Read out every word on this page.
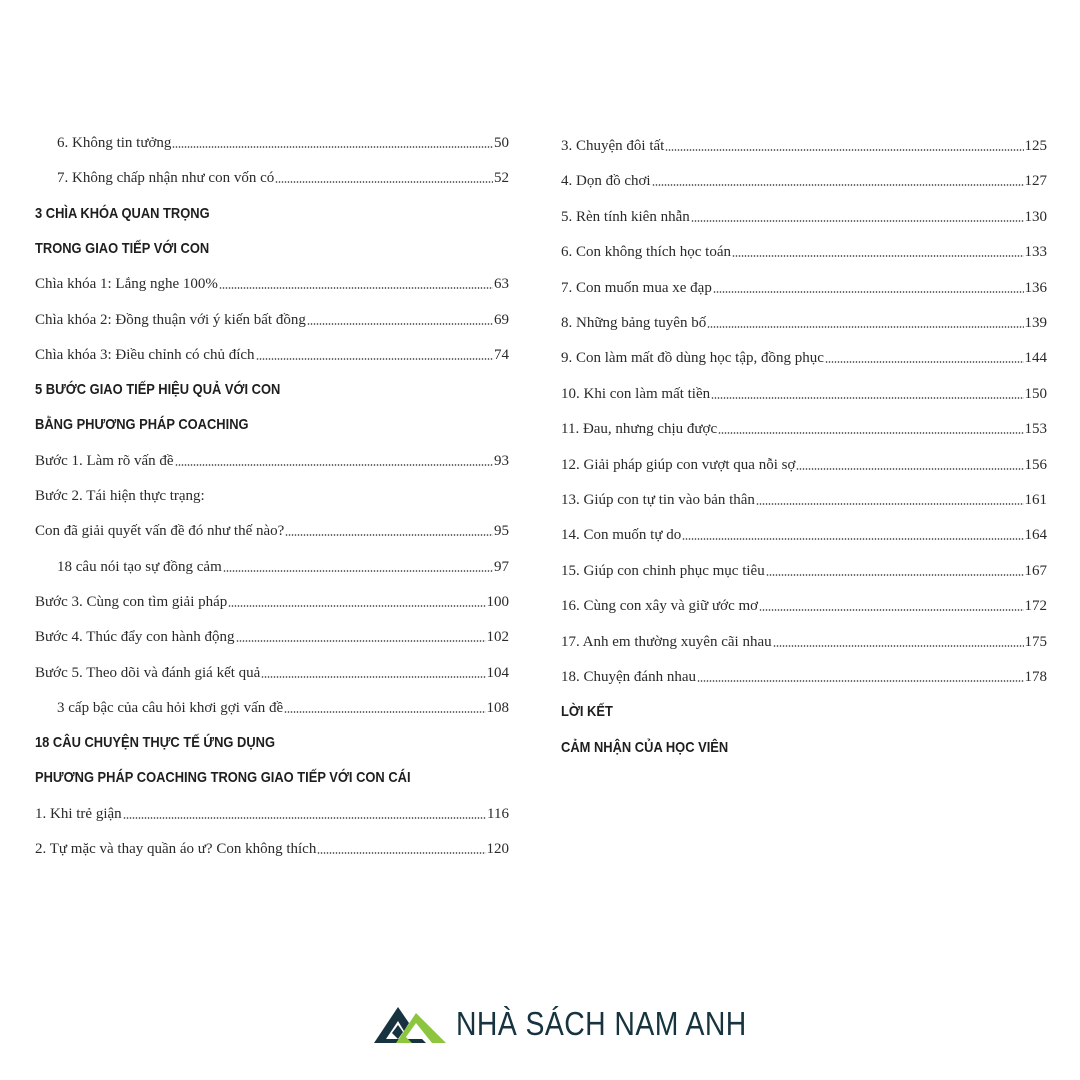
6. Không tin tưởng	50
7. Không chấp nhận như con vốn có	52
3 CHÌA KHÓA QUAN TRỌNG
TRONG GIAO TIẾP VỚI CON
Chìa khóa 1: Lắng nghe 100%	63
Chìa khóa 2: Đồng thuận với ý kiến bất đồng	69
Chìa khóa 3: Điều chỉnh có chủ đích	74
5 BƯỚC GIAO TIẾP HIỆU QUẢ VỚI CON
BẰNG PHƯƠNG PHÁP COACHING
Bước 1. Làm rõ vấn đề	93
Bước 2. Tái hiện thực trạng:
Con đã giải quyết vấn đề đó như thế nào?	95
18 câu nói tạo sự đồng cảm	97
Bước 3. Cùng con tìm giải pháp	100
Bước 4. Thúc đẩy con hành động	102
Bước 5. Theo dõi và đánh giá kết quả	104
3 cấp bậc của câu hỏi khơi gợi vấn đề	108
18 CÂU CHUYỆN THỰC TẾ ỨNG DỤNG
PHƯƠNG PHÁP COACHING TRONG GIAO TIẾP VỚI CON CÁI
1. Khi trẻ giận	116
2. Tự mặc và thay quần áo ư? Con không thích	120
3. Chuyện đôi tất	125
4. Dọn đồ chơi	127
5. Rèn tính kiên nhẫn	130
6. Con không thích học toán	133
7. Con muốn mua xe đạp	136
8. Những bảng tuyên bố	139
9. Con làm mất đồ dùng học tập, đồng phục	144
10. Khi con làm mất tiền	150
11. Đau, nhưng chịu được	153
12. Giải pháp giúp con vượt qua nỗi sợ	156
13. Giúp con tự tin vào bản thân	161
14. Con muốn tự do	164
15. Giúp con chinh phục mục tiêu	167
16. Cùng con xây và giữ ước mơ	172
17. Anh em thường xuyên cãi nhau	175
18. Chuyện đánh nhau	178
LỜI KẾT
CẢM NHẬN CỦA HỌC VIÊN
NHÀ SÁCH NAM ANH
